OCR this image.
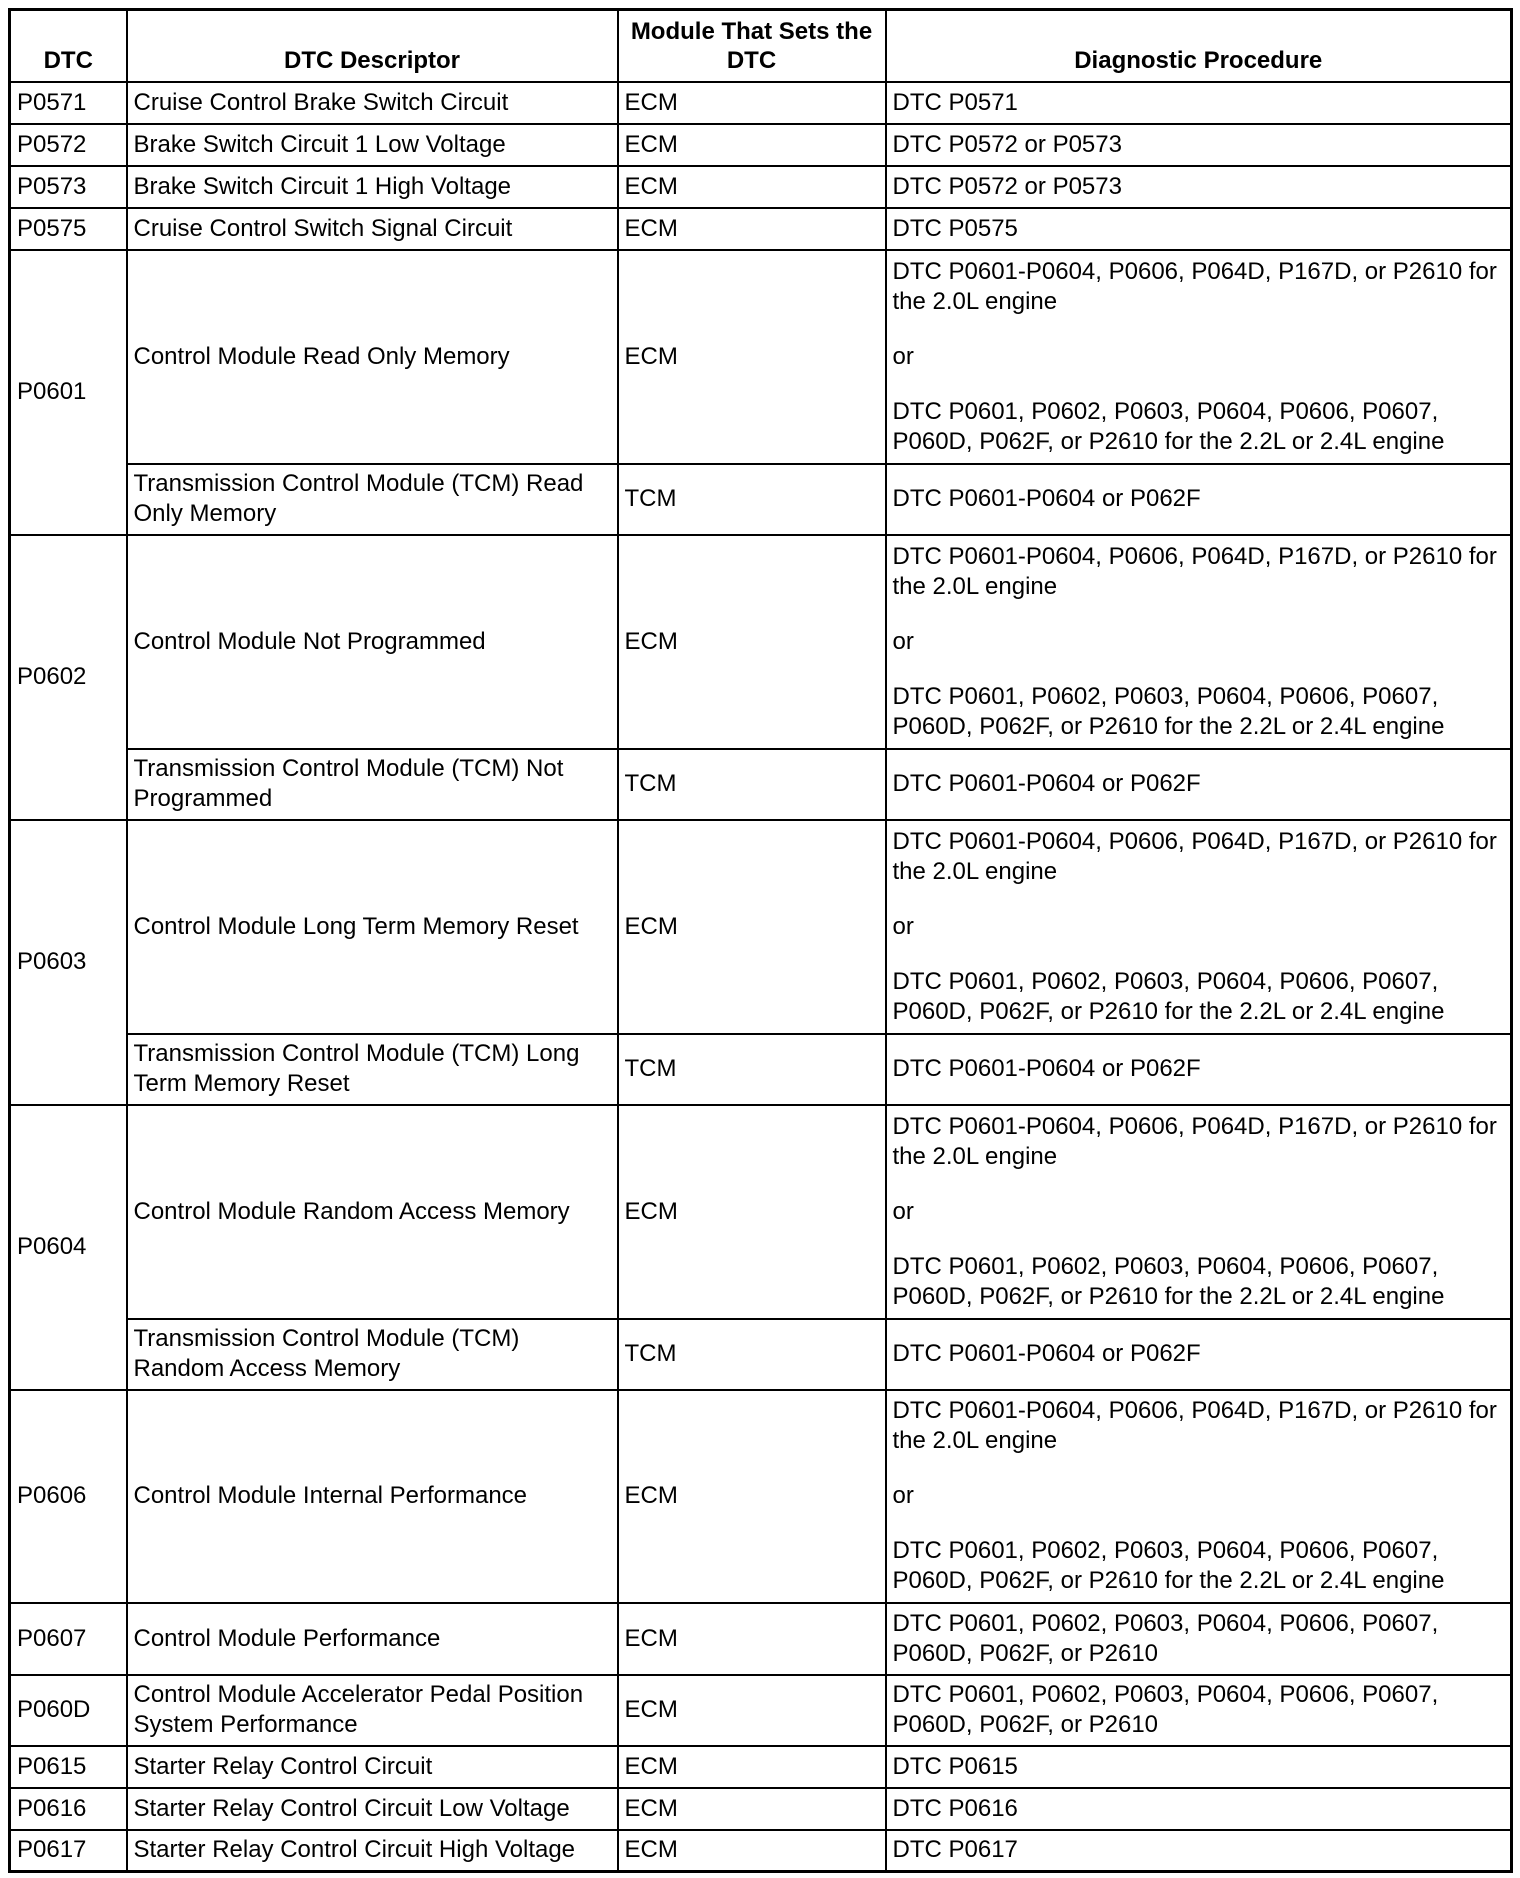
DTC	DTC Descriptor	Module That Sets the DTC	Diagnostic Procedure
P0571	Cruise Control Brake Switch Circuit	ECM	DTC P0571

P0572	Brake Switch Circuit 1 Low Voltage	ECM	DTC P0572 or P0573

P0573	Brake Switch Circuit 1 High Voltage	ECM	DTC P0572 or P0573

P0575	Cruise Control Switch Signal Circuit	ECM	DTC P0575

P0601	Control Module Read Only Memory	ECM	DTC P0601-P0604, P0606, P064D, P167D, or P2610 for the 2.0L engine
or
DTC P0601, P0602, P0603, P0604, P0606, P0607, P060D, P062F, or P2610 for the 2.2L or 2.4L engine

	Transmission Control Module (TCM) Read Only Memory	TCM	DTC P0601-P0604 or P062F

P0602	Control Module Not Programmed	ECM	DTC P0601-P0604, P0606, P064D, P167D, or P2610 for the 2.0L engine
or
DTC P0601, P0602, P0603, P0604, P0606, P0607, P060D, P062F, or P2610 for the 2.2L or 2.4L engine

	Transmission Control Module (TCM) Not Programmed	TCM	DTC P0601-P0604 or P062F

P0603	Control Module Long Term Memory Reset	ECM	DTC P0601-P0604, P0606, P064D, P167D, or P2610 for the 2.0L engine
or
DTC P0601, P0602, P0603, P0604, P0606, P0607, P060D, P062F, or P2610 for the 2.2L or 2.4L engine

	Transmission Control Module (TCM) Long Term Memory Reset	TCM	DTC P0601-P0604 or P062F

P0604	Control Module Random Access Memory	ECM	DTC P0601-P0604, P0606, P064D, P167D, or P2610 for the 2.0L engine
or
DTC P0601, P0602, P0603, P0604, P0606, P0607, P060D, P062F, or P2610 for the 2.2L or 2.4L engine

	Transmission Control Module (TCM) Random Access Memory	TCM	DTC P0601-P0604 or P062F

P0606	Control Module Internal Performance	ECM	DTC P0601-P0604, P0606, P064D, P167D, or P2610 for the 2.0L engine
or
DTC P0601, P0602, P0603, P0604, P0606, P0607, P060D, P062F, or P2610 for the 2.2L or 2.4L engine

P0607	Control Module Performance	ECM	DTC P0601, P0602, P0603, P0604, P0606, P0607, P060D, P062F, or P2610

P060D	Control Module Accelerator Pedal Position System Performance	ECM	DTC P0601, P0602, P0603, P0604, P0606, P0607, P060D, P062F, or P2610

P0615	Starter Relay Control Circuit	ECM	DTC P0615

P0616	Starter Relay Control Circuit Low Voltage	ECM	DTC P0616

P0617	Starter Relay Control Circuit High Voltage	ECM	DTC P0617
